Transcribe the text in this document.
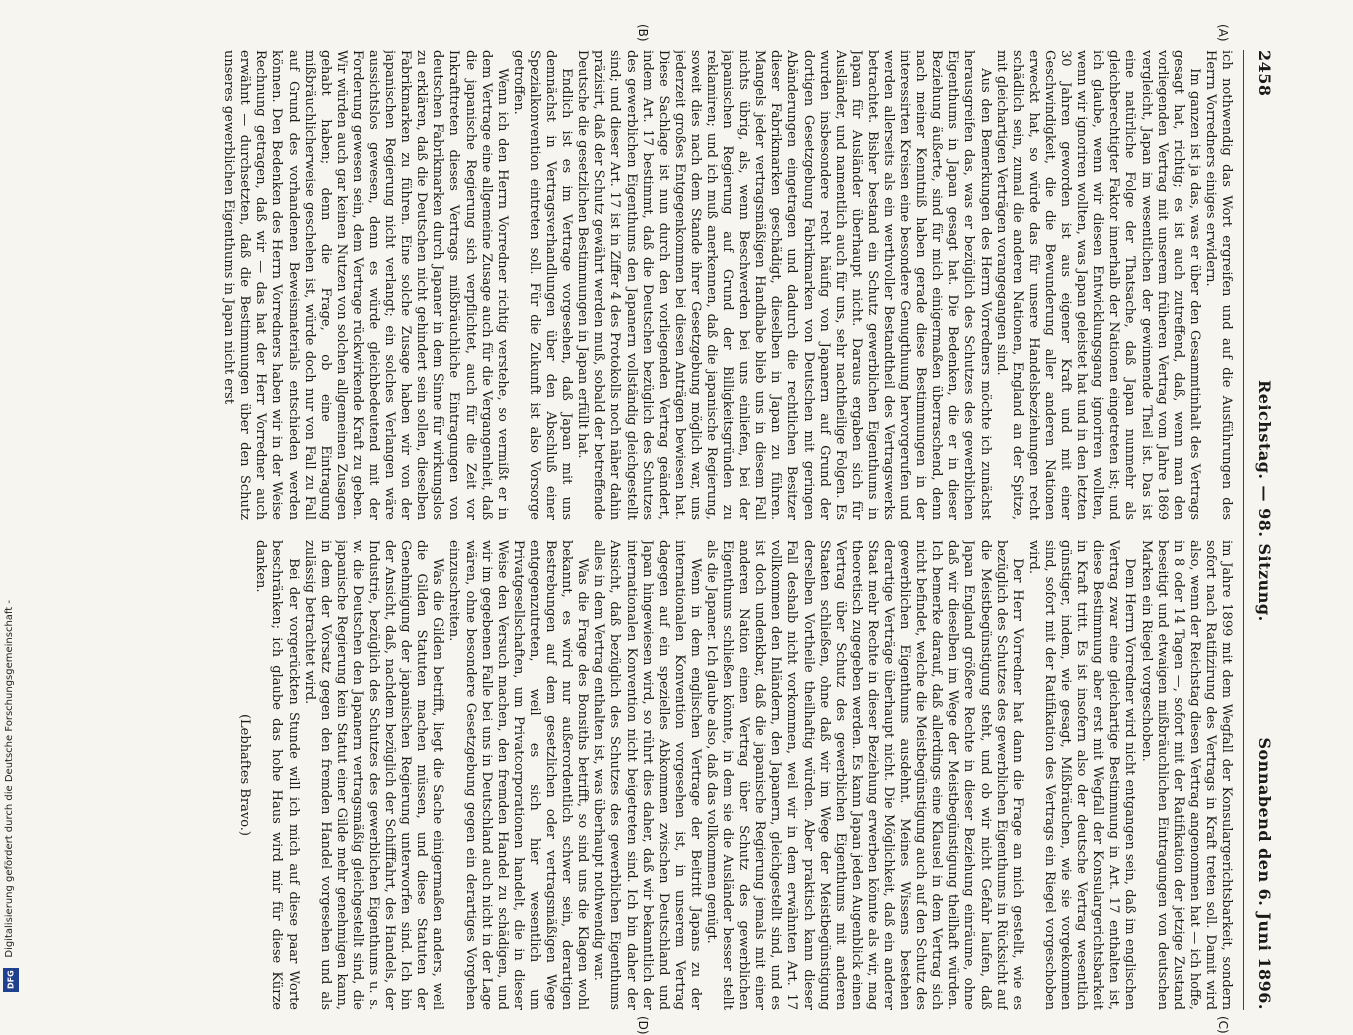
2458
Reichstag. — 98. Sitzung.
Sonnabend den 6. Juni 1896.
(A)
(B)
(C)
(D)

ich nothwendig das Wort ergreifen und auf die Ausführungen des Herrn Vorredners einiges erwidern.

Im ganzen ist ja das, was er über den Gesammtinhalt des Vertrags gesagt hat, richtig; es ist auch zutreffend, daß, wenn man den vorliegenden Vertrag mit unserem früheren Vertrag vom Jahre 1869 vergleicht, Japan im wesentlichen der gewinnende Theil ist. Das ist eine natürliche Folge der Thatsache, daß Japan nunmehr als gleichberechtigter Faktor innerhalb der Nationen eingetreten ist; und ich glaube, wenn wir diesen Entwicklungsgang ignoriren wollten, wenn wir ignoriren wollten, was Japan geleistet hat und in den letzten 30 Jahren geworden ist aus eigener Kraft und mit einer Geschwindigkeit, die die Bewunderung aller anderen Nationen erweckt hat, so würde das für unsere Handelsbeziehungen recht schädlich sein, zumal die anderen Nationen, England an der Spitze, mit gleichartigen Verträgen vorangegangen sind.

Aus den Bemerkungen des Herrn Vorredners möchte ich zunächst herausgreifen das, was er bezüglich des Schutzes des gewerblichen Eigenthums in Japan gesagt hat. Die Bedenken, die er in dieser Beziehung äußerte, sind für mich einigermaßen überraschend, denn nach meiner Kenntniß haben gerade diese Bestimmungen in der interessirten Kreisen eine besondere Genugthuung hervorgerufen und werden allerseits als ein werthvoller Bestandtheil des Vertragswerks betrachtet. Bisher bestand ein Schutz gewerblichen Eigenthums in Japan für Ausländer überhaupt nicht. Daraus ergaben sich für Ausländer, und namentlich auch für uns, sehr nachtheilige Folgen. Es wurden insbesondere recht häufig von Japanern auf Grund der dortigen Gesetzgebung Fabrikmarken von Deutschen mit geringen Abänderungen eingetragen und dadurch die rechtlichen Besitzer dieser Fabrikmarken geschädigt, dieselben in Japan zu führen. Mangels jeder vertragsmäßigen Handhabe blieb uns in diesem Fall nichts übrig, als, wenn Beschwerden bei uns einliefen, bei der japanischen Regierung auf Grund der Billigkeitsgründen zu reklamiren; und ich muß anerkennen, daß die japanische Regierung, soweit dies nach dem Stande ihrer Gesetzgebung möglich war, uns jederzeit großes Entgegenkommen bei diesen Anträgen bewiesen hat. Diese Sachlage ist nun durch den vorliegenden Vertrag geändert, indem Art. 17 bestimmt, daß die Deutschen bezüglich des Schutzes des gewerblichen Eigenthums den Japanern vollständig gleichgestellt sind; und dieser Art. 17 ist in Ziffer 4 des Protokolls noch näher dahin präzisirt, daß der Schutz gewährt werden muß, sobald der betreffende Deutsche die gesetzlichen Bestimmungen in Japan erfüllt hat.

Endlich ist es im Vertrage vorgesehen, daß Japan mit uns demnächst in Vertragsverhandlungen über den Abschluß einer Spezialkonvention eintreten soll. Für die Zukunft ist also Vorsorge getroffen.

Wenn ich den Herrn Vorredner richtig verstehe, so vermißt er in dem Vertrage eine allgemeine Zusage auch für die Vergangenheit, daß die japanische Regierung sich verpflichtet, auch für die Zeit vor Inkrafttreten dieses Vertrags mißbräuchliche Eintragungen von deutschen Fabrikmarken durch Japaner in dem Sinne für wirkungslos zu erklären, daß die Deutschen nicht gehindert sein sollen, dieselben Fabrikmarken zu führen. Eine solche Zusage haben wir von der japanischen Regierung nicht verlangt; ein solches Verlangen wäre aussichtslos gewesen, denn es würde gleichbedeutend mit der Forderung gewesen sein, dem Vertrage rückwirkende Kraft zu geben. Wir würden auch gar keinen Nutzen von solchen allgemeinen Zusagen gehabt haben; denn die Frage, ob eine Eintragung mißbräuchlicherweise geschehen ist, würde doch nur von Fall zu Fall auf Grund des vorhandenen Beweismaterials entschieden werden können. Den Bedenken des Herrn Vorredners haben wir in der Weise Rechnung getragen, daß wir — das hat der Herr Vorredner auch erwähnt — durchsetzten, daß die Bestimmungen über den Schutz unseres gewerblichen Eigenthums in Japan nicht erst

im Jahre 1899 mit dem Wegfall der Konsulargerichtsbarkeit, sondern sofort nach Ratifizirung des Vertrags in Kraft treten soll. Damit wird also, wenn der Reichstag diesen Vertrag angenommen hat — ich hoffe, in 8 oder 14 Tagen —, sofort mit der Ratifikation der jetzige Zustand beseitigt und etwaigen mißbräuchlichen Eintragungen von deutschen Marken ein Riegel vorgeschoben.

Dem Herrn Vorredner wird nicht entgangen sein, daß im englischen Vertrag zwar eine gleichartige Bestimmung in Art. 17 enthalten ist, diese Bestimmung aber erst mit Wegfall der Konsulargerichtsbarkeit in Kraft tritt. Es ist insofern also der deutsche Vertrag wesentlich günstiger, indem, wie gesagt, Mißbräuchen, wie sie vorgekommen sind, sofort mit der Ratifikation des Vertrags ein Riegel vorgeschoben wird.

Der Herr Vorredner hat dann die Frage an mich gestellt, wie es bezüglich des Schutzes des gewerblichen Eigenthums in Rücksicht auf die Meistbegünstigung steht, und ob wir nicht Gefahr laufen, daß Japan England größere Rechte in dieser Beziehung einräume, ohne daß wir dieselben im Wege der Meistbegünstigung theilhaft würden. Ich bemerke darauf, daß allerdings eine Klausel in dem Vertrag sich nicht befindet, welche die Meistbegünstigung auch auf den Schutz des gewerblichen Eigenthums ausdehnt. Meines Wissens bestehen derartige Verträge überhaupt nicht. Die Möglichkeit, daß ein anderer Staat mehr Rechte in dieser Beziehung erwerben könnte als wir, mag theoretisch zugegeben werden. Es kann Japan jeden Augenblick einen Vertrag über Schutz des gewerblichen Eigenthums mit anderen Staaten schließen, ohne daß wir im Wege der Meistbegünstigung derselben Vortheile theilhaftig würden. Aber praktisch kann dieser Fall deshalb nicht vorkommen, weil wir in dem erwähnten Art. 17 vollkommen den Inländern, den Japanern, gleichgestellt sind, und es ist doch undenkbar, daß die japanische Regierung jemals mit einer anderen Nation einen Vertrag über Schutz des gewerblichen Eigenthums schließen könnte, in dem sie die Ausländer besser stellt als die Japaner. Ich glaube also, daß das vollkommen genügt.

Wenn in dem englischen Vertrage der Beitritt Japans zu der internationalen Konvention vorgesehen ist, in unserem Vertrag dagegen auf ein spezielles Abkommen zwischen Deutschland und Japan hingewiesen wird, so rührt dies daher, daß wir bekanntlich der internationalen Konvention nicht beigetreten sind. Ich bin daher der Ansicht, daß bezüglich des Schutzes des gewerblichen Eigenthums alles in dem Vertrag enthalten ist, was überhaupt nothwendig war.

Was die Frage des Bonsiths betrifft, so sind uns die Klagen wohl bekannt, es wird nur außerordentlich schwer sein, derartigen Bestrebungen auf dem gesetzlichen oder vertragsmäßigen Wege entgegenzutreten, weil es sich hier wesentlich um Privatgesellschaften, um Privatcorporationen handelt, die in dieser Weise den Versuch machen, den fremden Handel zu schädigen, und wir im gegebenen Falle bei uns in Deutschland auch nicht in der Lage wären, ohne besondere Gesetzgebung gegen ein derartiges Vorgehen einzuschreiten.

Was die Gilden betrifft, liegt die Sache einigermaßen anders, weil die Gilden Statuten machen müssen, und diese Statuten der Genehmigung der japanischen Regierung unterworfen sind. Ich bin der Ansicht, daß, nachdem bezüglich der Schifffahrt, des Handels, der Industrie, bezüglich des Schutzes des gewerblichen Eigenthums u. s. w. die Deutschen den Japanern vertragsmäßig gleichgestellt sind, die japanische Regierung kein Statut einer Gilde mehr genehmigen kann, in dem der Vorsatz gegen den fremden Handel vorgesehen und als zulässig betrachtet wird.

Bei der vorgerückten Stunde will ich mich auf diese paar Worte beschränken; ich glaube das hohe Haus wird mir für diese Kürze danken.

(Lebhaftes Bravo.)

Digitalisierung gefördert durch die Deutsche Forschungsgemeinschaft -
DFG
